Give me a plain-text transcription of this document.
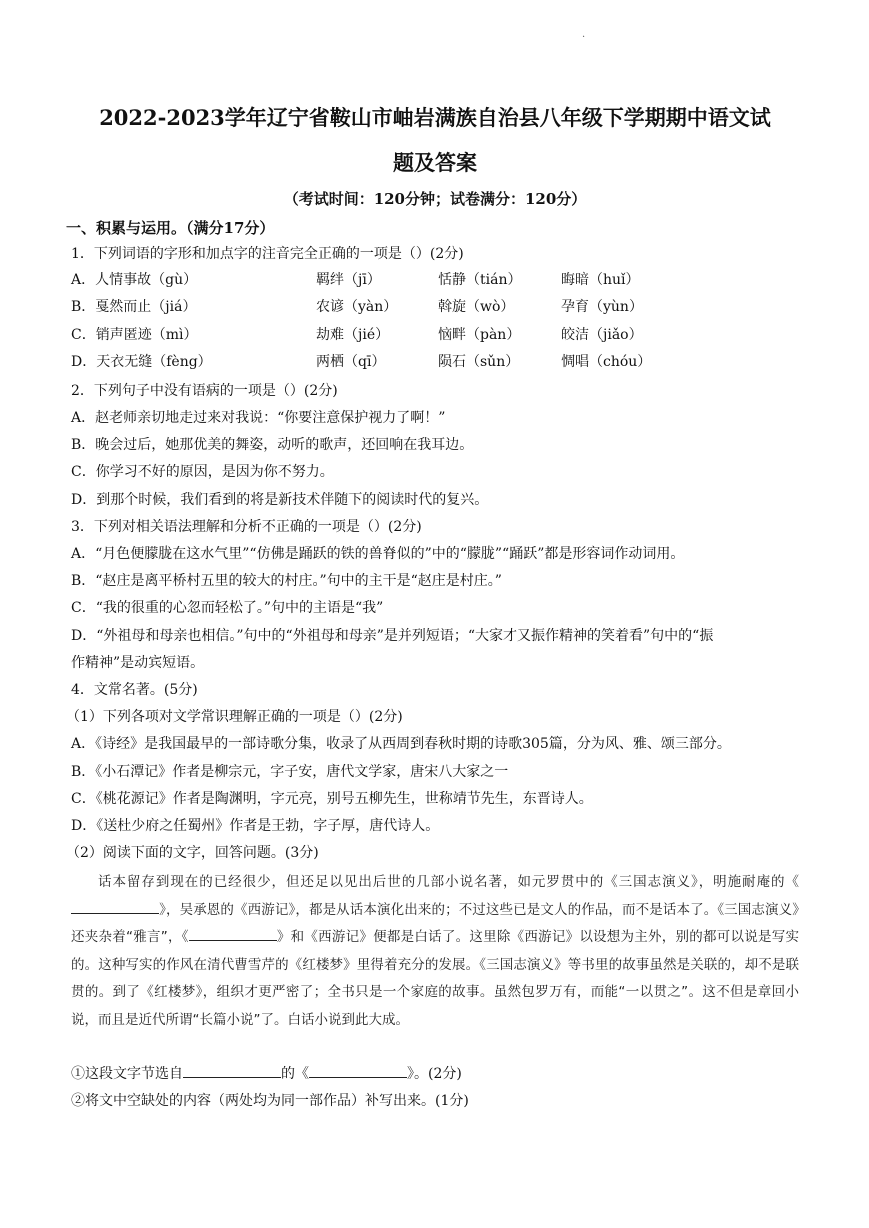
·
2022-2023学年辽宁省鞍山市岫岩满族自治县八年级下学期期中语文试
题及答案
（考试时间：120分钟；试卷满分：120分）
一、积累与运用。（满分17分）
1．下列词语的字形和加点字的注音完全正确的一项是（）(2分)
A．人情事故（gù）	羁绊（jī）	恬静（tián）	晦暗（huǐ）
B．戛然而止（jiá）	农谚（yàn）	斡旋（wò）	孕育（yùn）
C．销声匿迹（mì）	劫难（jié）	恼畔（pàn）	皎洁（jiǎo）
D．天衣无缝（fèng）	两栖（qī）	陨石（sǔn）	惆唱（chóu）
2．下列句子中没有语病的一项是（）(2分)
A．赵老师亲切地走过来对我说：“你要注意保护视力了啊！”
B．晚会过后，她那优美的舞姿，动听的歌声，还回响在我耳边。
C．你学习不好的原因，是因为你不努力。
D．到那个时候，我们看到的将是新技术伴随下的阅读时代的复兴。
3．下列对相关语法理解和分析不正确的一项是（）(2分)
A．“月色便朦胧在这水气里”“仿佛是踊跃的铁的兽脊似的”中的“朦胧”“踊跃”都是形容词作动词用。
B．“赵庄是离平桥村五里的较大的村庄。”句中的主干是“赵庄是村庄。”
C．“我的很重的心忽而轻松了。”句中的主语是“我”
D．“外祖母和母亲也相信。”句中的“外祖母和母亲”是并列短语；“大家才又振作精神的笑着看”句中的“振
作精神”是动宾短语。
4．文常名著。(5分)
（1）下列各项对文学常识理解正确的一项是（）(2分)
A．《诗经》是我国最早的一部诗歌分集，收录了从西周到春秋时期的诗歌305篇，分为风、雅、颂三部分。
B．《小石潭记》作者是柳宗元，字子安，唐代文学家，唐宋八大家之一
C．《桃花源记》作者是陶渊明，字元亮，别号五柳先生，世称靖节先生，东晋诗人。
D．《送杜少府之任蜀州》作者是王勃，字子厚，唐代诗人。
（2）阅读下面的文字，回答问题。(3分)

话本留存到现在的已经很少，但还足以见出后世的几部小说名著，如元罗贯中的《三国志演义》，明施耐庵的《》，吴承恩的《西游记》，都是从话本演化出来的；不过这些已是文人的作品，而不是话本了。《三国志演义》还夹杂着“雅言”，《	》和《西游记》便都是白话了。这里除《西游记》以设想为主外，别的都可以说是写实的。这种写实的作风在清代曹雪芹的《红楼梦》里得着充分的发展。《三国志演义》等书里的故事虽然是关联的，却不是联贯的。到了《红楼梦》，组织才更严密了；全书只是一个家庭的故事。虽然包罗万有，而能“一以贯之”。这不但是章回小说，而且是近代所谓“长篇小说”了。白话小说到此大成。

①这段文字节选自	的《	》。(2分)
②将文中空缺处的内容（两处均为同一部作品）补写出来。(1分)
